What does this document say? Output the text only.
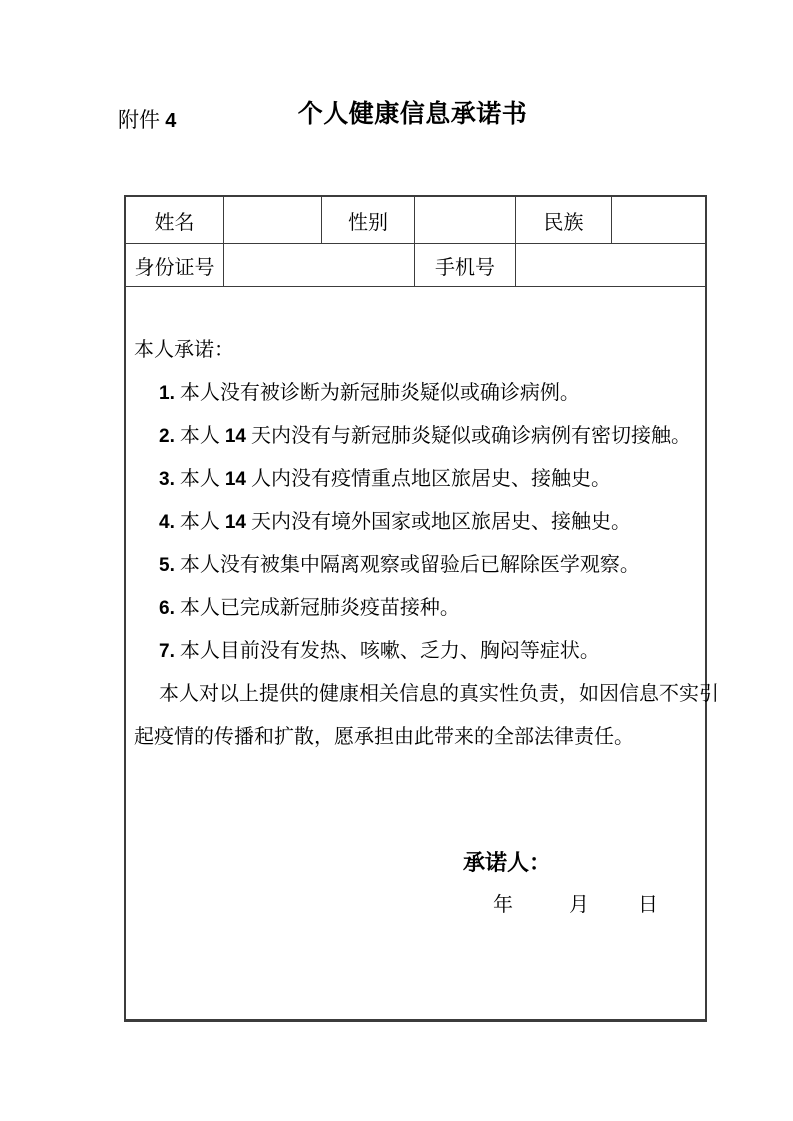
附件 4	个人健康信息承诺书
姓名	性别	民族
身份证号	手机号
本人承诺：
1. 本人没有被诊断为新冠肺炎疑似或确诊病例。
2. 本人 14 天内没有与新冠肺炎疑似或确诊病例有密切接触。
3. 本人 14 人内没有疫情重点地区旅居史、接触史。
4. 本人 14 天内没有境外国家或地区旅居史、接触史。
5. 本人没有被集中隔离观察或留验后已解除医学观察。
6. 本人已完成新冠肺炎疫苗接种。
7. 本人目前没有发热、咳嗽、乏力、胸闷等症状。
本人对以上提供的健康相关信息的真实性负责，如因信息不实引
起疫情的传播和扩散，愿承担由此带来的全部法律责任。
承诺人：
年	月 日
